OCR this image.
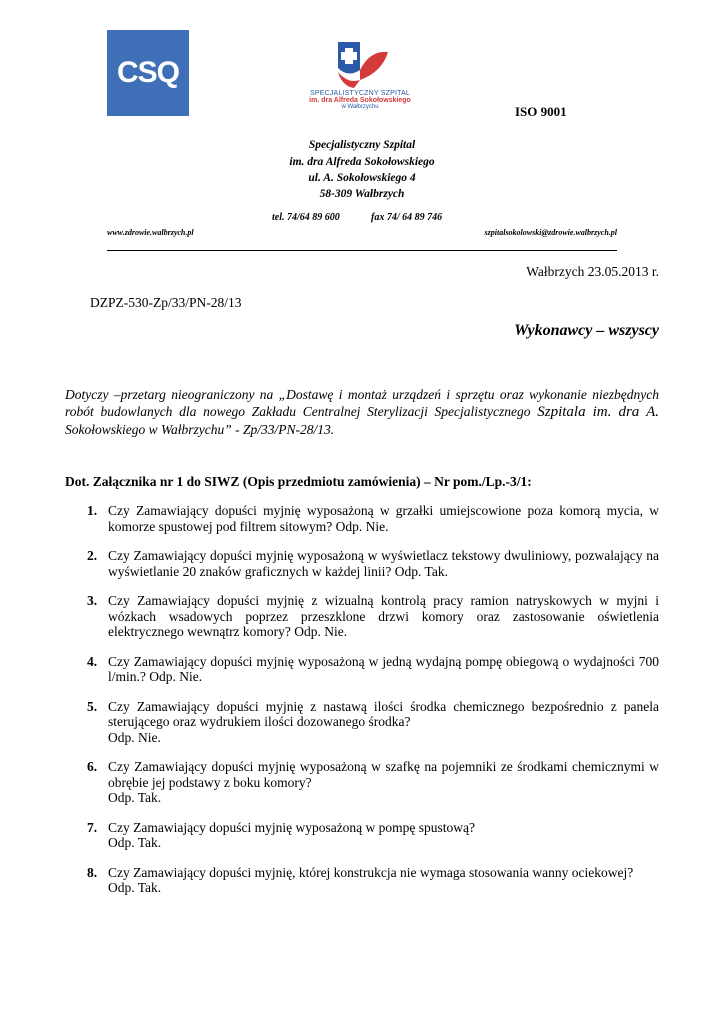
CSQ
SPECJALISTYCZNY SZPITAL
im. dra Alfreda Sokołowskiego
w Wałbrzychu	ISO 9001
Specjalistyczny Szpital
im. dra Alfreda Sokołowskiego
ul. A. Sokołowskiego 4
58-309 Wałbrzych
tel. 74/64 89 600	fax 74/ 64 89 746
www.zdrowie.walbrzych.pl	szpitalsokolowski@zdrowie.walbrzych.pl
Wałbrzych 23.05.2013 r.
DZPZ-530-Zp/33/PN-28/13
Wykonawcy – wszyscy
Dotyczy –przetarg nieograniczony na „Dostawę i montaż urządzeń i sprzętu oraz wykonanie niezbędnych robót budowlanych dla nowego Zakładu Centralnej Sterylizacji Specjalistycznego Szpitala im. dra A. Sokołowskiego w Wałbrzychu” - Zp/33/PN-28/13.
Dot. Załącznika nr 1 do SIWZ (Opis przedmiotu zamówienia) – Nr pom./Lp.-3/1:
1. Czy Zamawiający dopuści myjnię wyposażoną w grzałki umiejscowione poza komorą mycia, w komorze spustowej pod filtrem sitowym? Odp. Nie.
2. Czy Zamawiający dopuści myjnię wyposażoną w wyświetlacz tekstowy dwuliniowy, pozwalający na wyświetlanie 20 znaków graficznych w każdej linii? Odp. Tak.
3. Czy Zamawiający dopuści myjnię z wizualną kontrolą pracy ramion natryskowych w myjni i wózkach wsadowych poprzez przeszklone drzwi komory oraz zastosowanie oświetlenia elektrycznego wewnątrz komory? Odp. Nie.
4. Czy Zamawiający dopuści myjnię wyposażoną w jedną wydajną pompę obiegową o wydajności 700 l/min.? Odp. Nie.
5. Czy Zamawiający dopuści myjnię z nastawą ilości środka chemicznego bezpośrednio z panela sterującego oraz wydrukiem ilości dozowanego środka?
Odp. Nie.
6. Czy Zamawiający dopuści myjnię wyposażoną w szafkę na pojemniki ze środkami chemicznymi w obrębie jej podstawy z boku komory?
Odp. Tak.
7. Czy Zamawiający dopuści myjnię wyposażoną w pompę spustową?
Odp. Tak.
8. Czy Zamawiający dopuści myjnię, której konstrukcja nie wymaga stosowania wanny ociekowej?
Odp. Tak.
